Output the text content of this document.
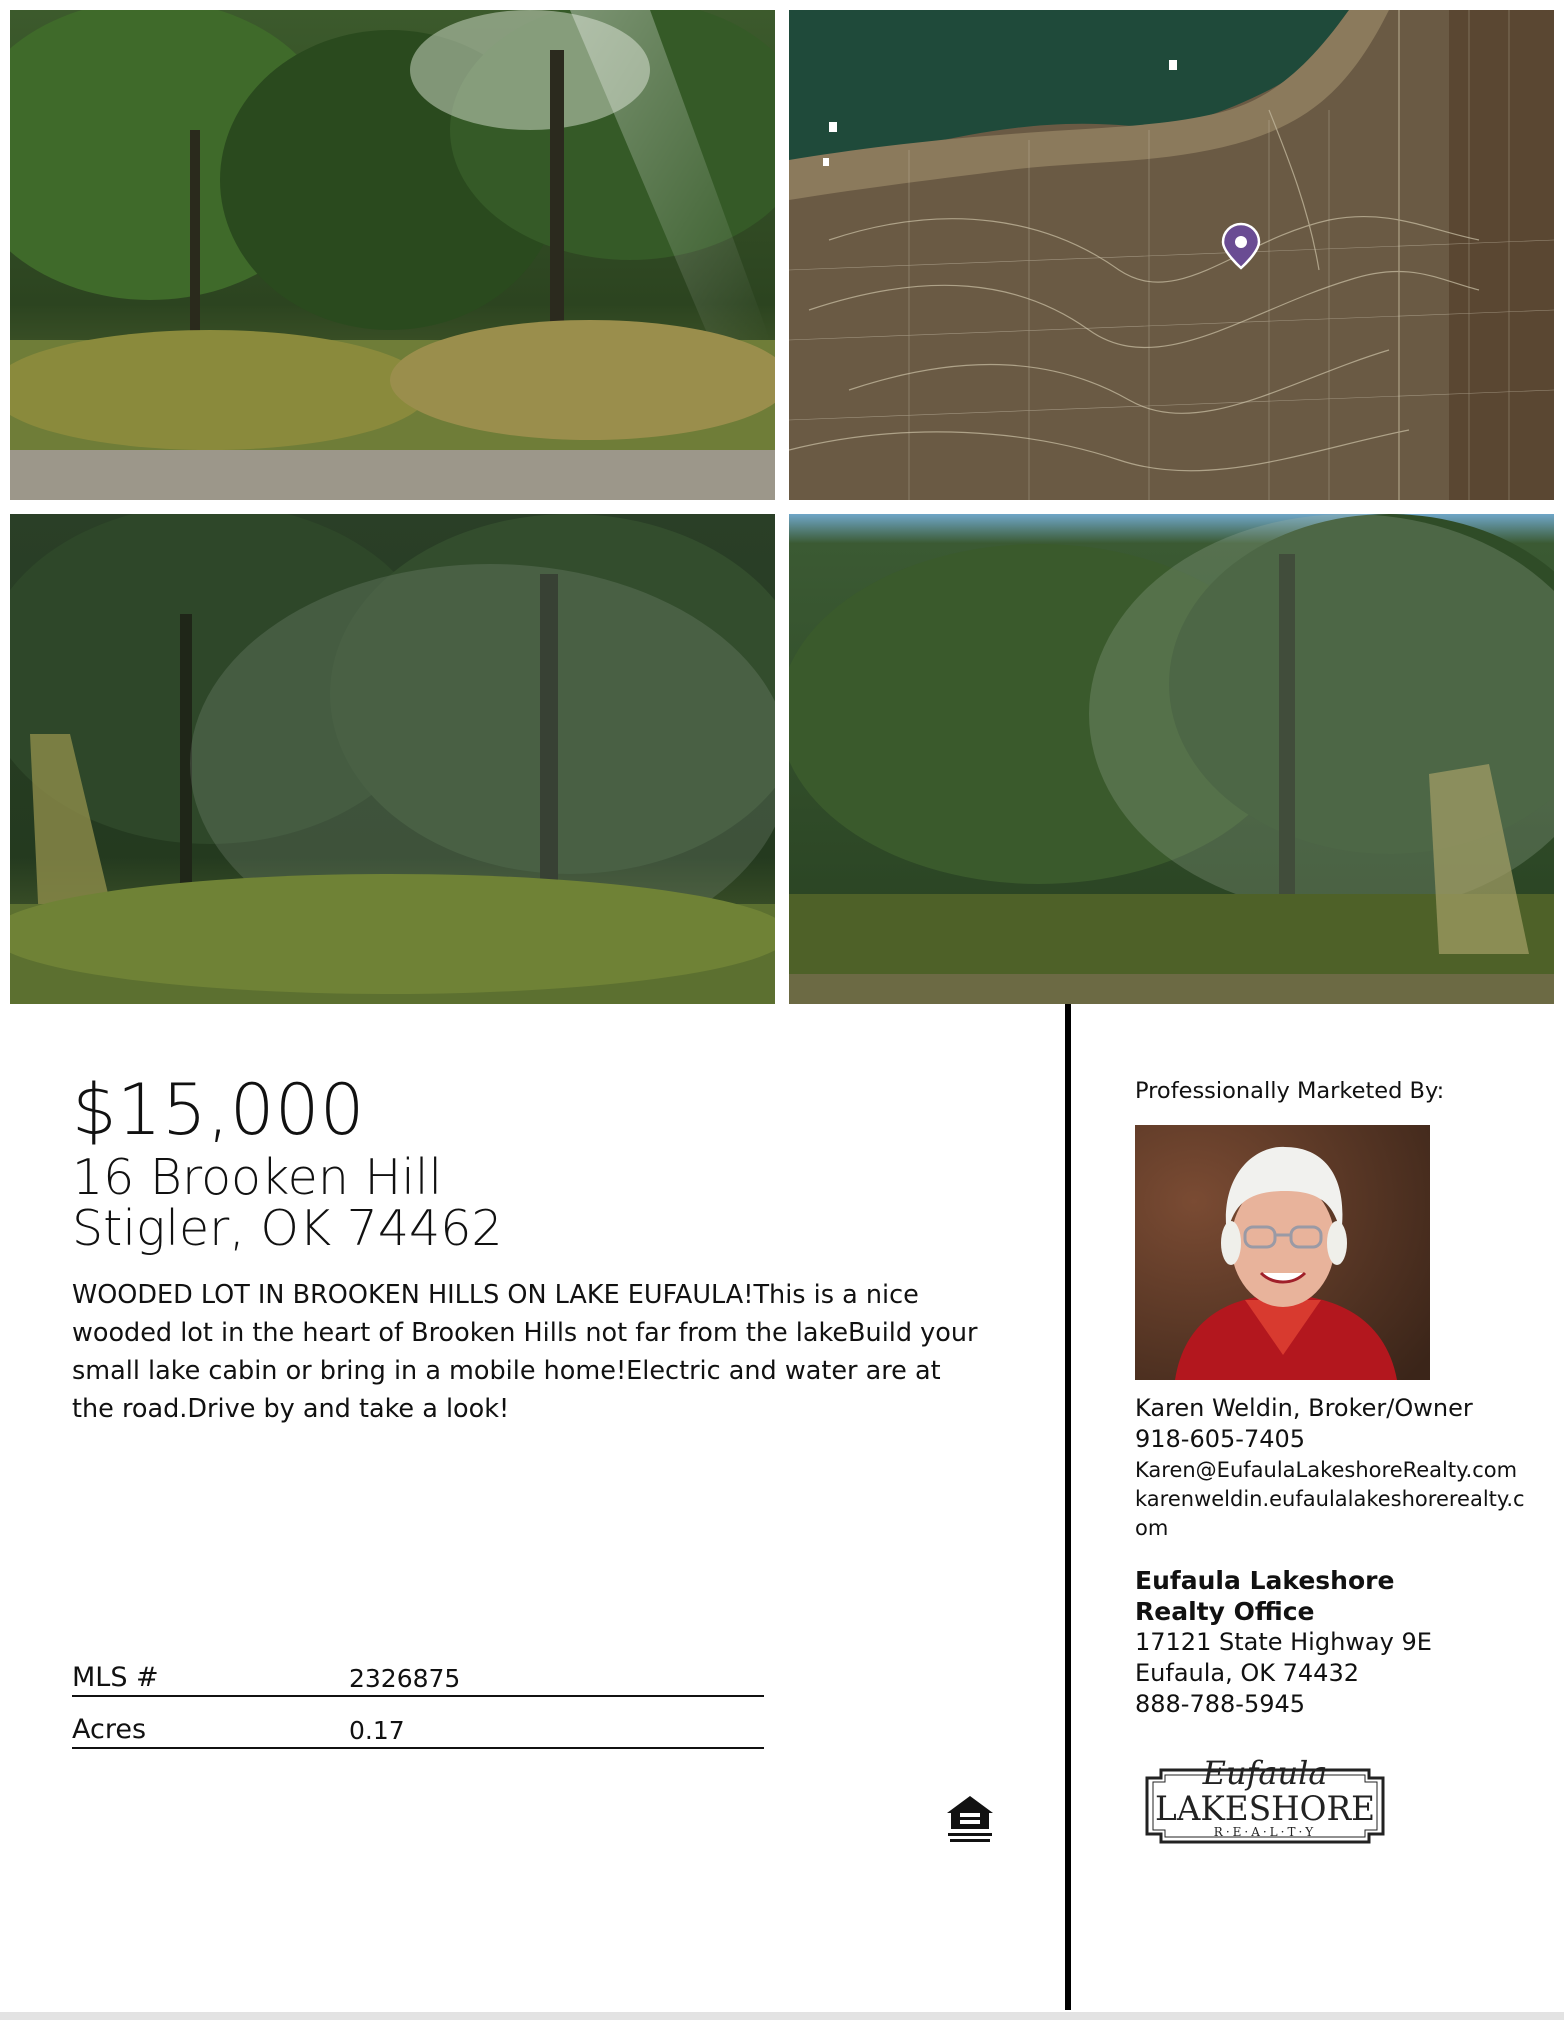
$15,000
16 Brooken Hill
Stigler, OK 74462
WOODED LOT IN BROOKEN HILLS ON LAKE EUFAULA!This is a nice wooded lot in the heart of Brooken Hills not far from the lakeBuild your small lake cabin or bring in a mobile home!Electric and water are at the road.Drive by and take a look!
MLS #	2326875
Acres	0.17
Professionally Marketed By:
Karen Weldin, Broker/Owner
918-605-7405
Karen@EufaulaLakeshoreRealty.com
karenweldin.eufaulalakeshorerealty.com
Eufaula Lakeshore Realty Office
17121 State Highway 9E
Eufaula, OK 74432
888-788-5945
Eufaula
LAKESHORE
R·E·A·L·T·Y
